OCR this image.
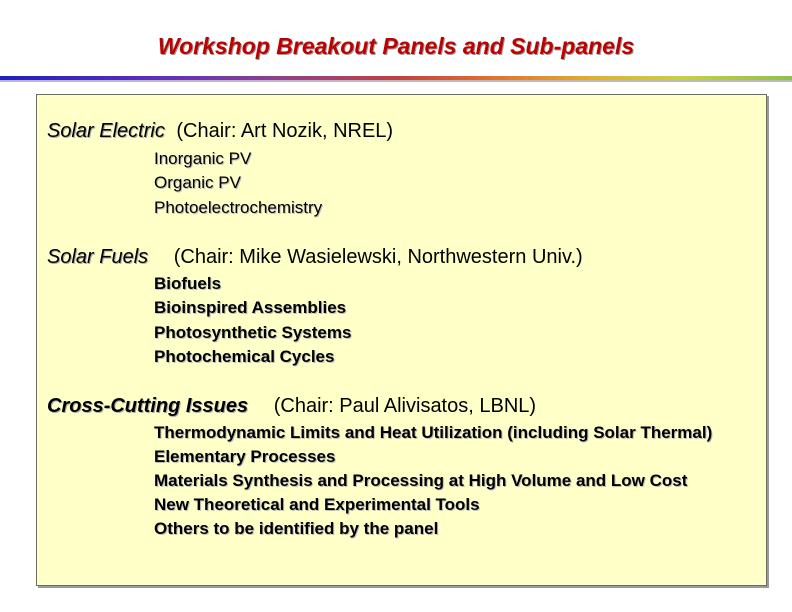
Workshop Breakout Panels and Sub-panels
Solar Electric (Chair: Art Nozik, NREL)
Inorganic PV
Organic PV
Photoelectrochemistry
Solar Fuels (Chair: Mike Wasielewski, Northwestern Univ.)
Biofuels
Bioinspired Assemblies
Photosynthetic Systems
Photochemical Cycles
Cross-Cutting Issues (Chair: Paul Alivisatos, LBNL)
Thermodynamic Limits and Heat Utilization (including Solar Thermal)
Elementary Processes
Materials Synthesis and Processing at High Volume and Low Cost
New Theoretical and Experimental Tools
Others to be identified by the panel
